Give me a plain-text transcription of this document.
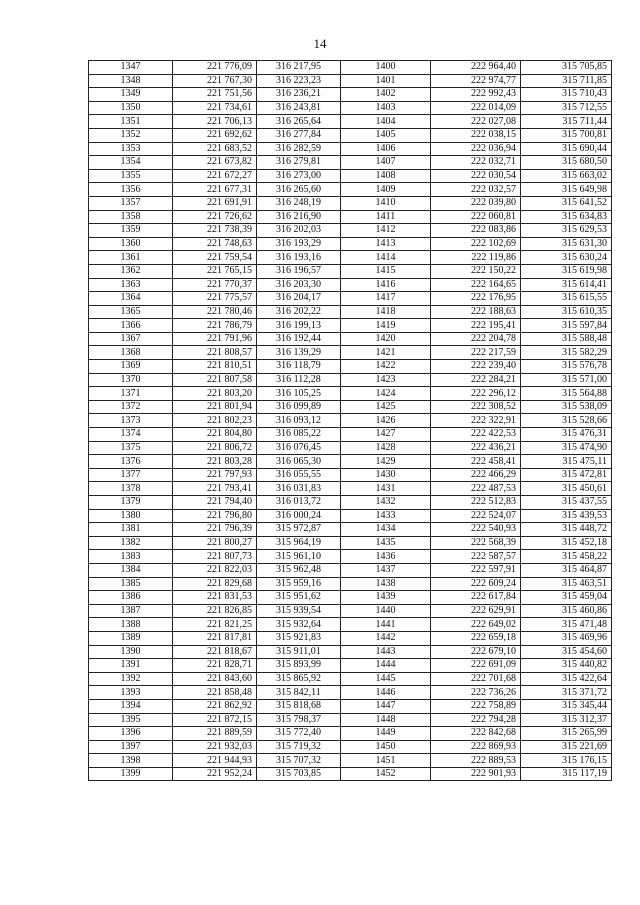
14
1347	221 776,09	316 217,95	1400	222 964,40	315 705,85
1348	221 767,30	316 223,23	1401	222 974,77	315 711,85
1349	221 751,56	316 236,21	1402	222 992,43	315 710,43
1350	221 734,61	316 243,81	1403	222 014,09	315 712,55
1351	221 706,13	316 265,64	1404	222 027,08	315 711,44
1352	221 692,62	316 277,84	1405	222 038,15	315 700,81
1353	221 683,52	316 282,59	1406	222 036,94	315 690,44
1354	221 673,82	316 279,81	1407	222 032,71	315 680,50
1355	221 672,27	316 273,00	1408	222 030,54	315 663,02
1356	221 677,31	316 265,60	1409	222 032,57	315 649,98
1357	221 691,91	316 248,19	1410	222 039,80	315 641,52
1358	221 726,62	316 216,90	1411	222 060,81	315 634,83
1359	221 738,39	316 202,03	1412	222 083,86	315 629,53
1360	221 748,63	316 193,29	1413	222 102,69	315 631,30
1361	221 759,54	316 193,16	1414	222 119,86	315 630,24
1362	221 765,15	316 196,57	1415	222 150,22	315 619,98
1363	221 770,37	316 203,30	1416	222 164,65	315 614,41
1364	221 775,57	316 204,17	1417	222 176,95	315 615,55
1365	221 780,46	316 202,22	1418	222 188,63	315 610,35
1366	221 786,79	316 199,13	1419	222 195,41	315 597,84
1367	221 791,96	316 192,44	1420	222 204,78	315 588,48
1368	221 808,57	316 139,29	1421	222 217,59	315 582,29
1369	221 810,51	316 118,79	1422	222 239,40	315 576,78
1370	221 807,58	316 112,28	1423	222 284,21	315 571,00
1371	221 803,20	316 105,25	1424	222 296,12	315 564,88
1372	221 801,94	316 099,89	1425	222 308,52	315 538,09
1373	221 802,23	316 093,12	1426	222 322,91	315 528,66
1374	221 804,80	316 085,22	1427	222 422,53	315 476,31
1375	221 806,72	316 076,45	1428	222 436,21	315 474,90
1376	221 803,28	316 065,30	1429	222 458,41	315 475,11
1377	221 797,93	316 055,55	1430	222 466,29	315 472,81
1378	221 793,41	316 031,83	1431	222 487,53	315 450,61
1379	221 794,40	316 013,72	1432	222 512,83	315 437,55
1380	221 796,80	316 000,24	1433	222 524,07	315 439,53
1381	221 796,39	315 972,87	1434	222 540,93	315 448,72
1382	221 800,27	315 964,19	1435	222 568,39	315 452,18
1383	221 807,73	315 961,10	1436	222 587,57	315 458,22
1384	221 822,03	315 962,48	1437	222 597,91	315 464,87
1385	221 829,68	315 959,16	1438	222 609,24	315 463,51
1386	221 831,53	315 951,62	1439	222 617,84	315 459,04
1387	221 826,85	315 939,54	1440	222 629,91	315 460,86
1388	221 821,25	315 932,64	1441	222 649,02	315 471,48
1389	221 817,81	315 921,83	1442	222 659,18	315 469,96
1390	221 818,67	315 911,01	1443	222 679,10	315 454,60
1391	221 828,71	315 893,99	1444	222 691,09	315 440,82
1392	221 843,60	315 865,92	1445	222 701,68	315 422,64
1393	221 858,48	315 842,11	1446	222 736,26	315 371,72
1394	221 862,92	315 818,68	1447	222 758,89	315 345,44
1395	221 872,15	315 798,37	1448	222 794,28	315 312,37
1396	221 889,59	315 772,40	1449	222 842,68	315 265,99
1397	221 932,03	315 719,32	1450	222 869,93	315 221,69
1398	221 944,93	315 707,32	1451	222 889,53	315 176,15
1399	221 952,24	315 703,85	1452	222 901,93	315 117,19
